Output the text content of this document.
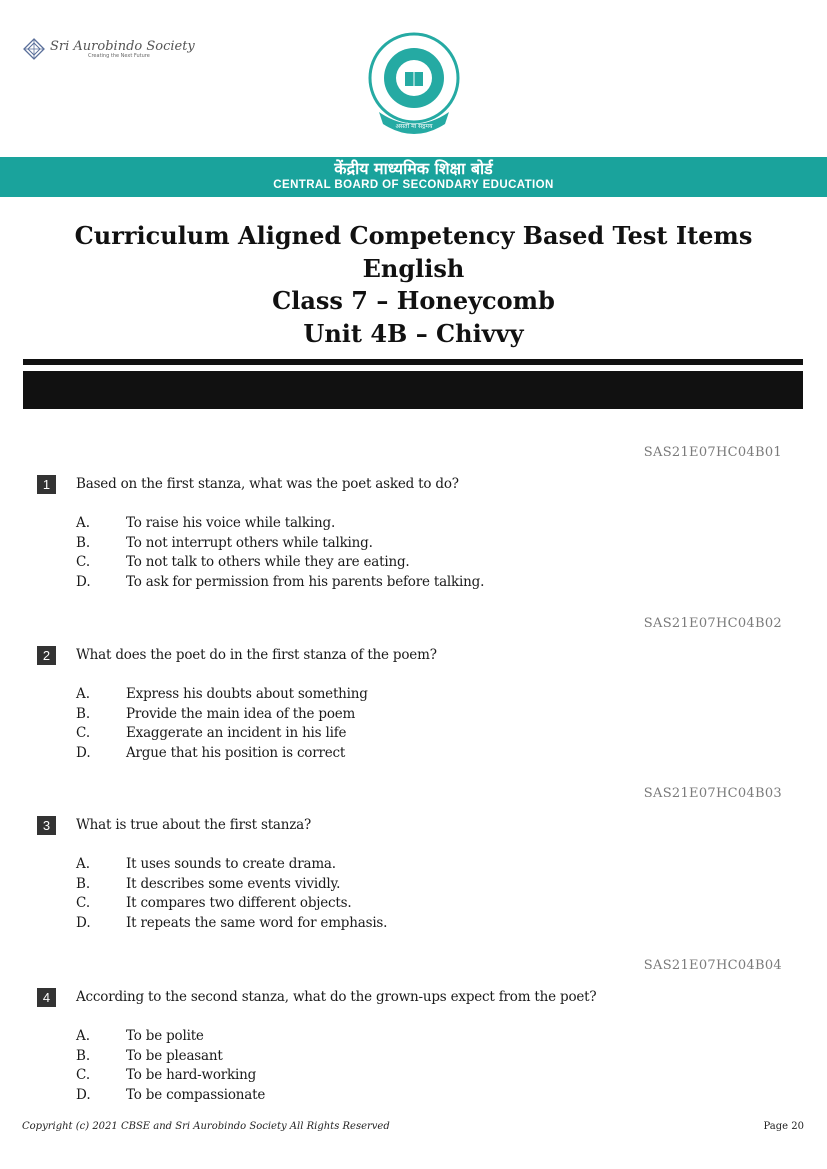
Sri Aurobindo Society
Creating the Next Future
भारत
असतो मा सद्गमय
केंद्रीय माध्यमिक शिक्षा बोर्ड
CENTRAL BOARD OF SECONDARY EDUCATION
Curriculum Aligned Competency Based Test Items
English
Class 7 – Honeycomb
Unit 4B – Chivvy
SAS21E07HC04B01
1	Based on the first stanza, what was the poet asked to do?
A.	To raise his voice while talking.
B.	To not interrupt others while talking.
C.	To not talk to others while they are eating.
D.	To ask for permission from his parents before talking.
SAS21E07HC04B02
2	What does the poet do in the first stanza of the poem?
A.	Express his doubts about something
B.	Provide the main idea of the poem
C.	Exaggerate an incident in his life
D.	Argue that his position is correct
SAS21E07HC04B03
3	What is true about the first stanza?
A.	It uses sounds to create drama.
B.	It describes some events vividly.
C.	It compares two different objects.
D.	It repeats the same word for emphasis.
SAS21E07HC04B04
4	According to the second stanza, what do the grown-ups expect from the poet?
A.	To be polite
B.	To be pleasant
C.	To be hard-working
D.	To be compassionate
Copyright (c) 2021 CBSE and Sri Aurobindo Society All Rights Reserved	Page 20
